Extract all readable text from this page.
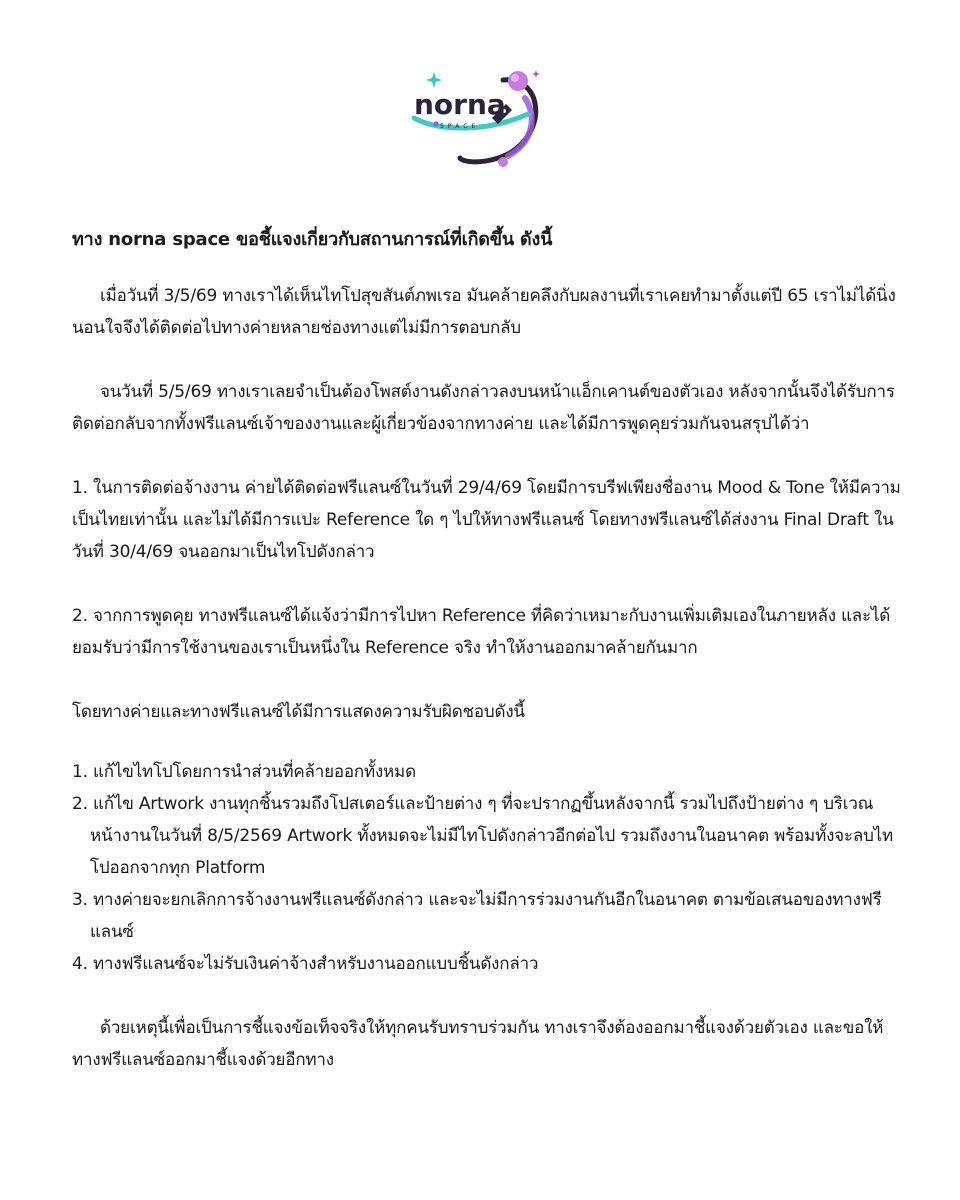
norna
S P A C E

ทาง norna space ขอชี้แจงเกี่ยวกับสถานการณ์ที่เกิดขึ้น ดังนี้

เมื่อวันที่ 3/5/69 ทางเราได้เห็นไทโปสุขสันต์ภพเรอ มันคล้ายคลึงกับผลงานที่เราเคยทำมาตั้งแต่ปี 65 เราไม่ได้นิ่งนอนใจจึงได้ติดต่อไปทางค่ายหลายช่องทางแต่ไม่มีการตอบกลับ

จนวันที่ 5/5/69 ทางเราเลยจำเป็นต้องโพสต์งานดังกล่าวลงบนหน้าแอ็กเคานต์ของตัวเอง หลังจากนั้นจึงได้รับการติดต่อกลับจากทั้งฟรีแลนซ์เจ้าของงานและผู้เกี่ยวข้องจากทางค่าย และได้มีการพูดคุยร่วมกันจนสรุปได้ว่า

1. ในการติดต่อจ้างงาน ค่ายได้ติดต่อฟรีแลนซ์ในวันที่ 29/4/69 โดยมีการบรีฟเพียงชื่องาน Mood & Tone ให้มีความเป็นไทยเท่านั้น และไม่ได้มีการแปะ Reference ใด ๆ ไปให้ทางฟรีแลนซ์ โดยทางฟรีแลนซ์ได้ส่งงาน Final Draft ในวันที่ 30/4/69 จนออกมาเป็นไทโปดังกล่าว

2. จากการพูดคุย ทางฟรีแลนซ์ได้แจ้งว่ามีการไปหา Reference ที่คิดว่าเหมาะกับงานเพิ่มเติมเองในภายหลัง และได้ยอมรับว่ามีการใช้งานของเราเป็นหนึ่งใน Reference จริง ทำให้งานออกมาคล้ายกันมาก

โดยทางค่ายและทางฟรีแลนซ์ได้มีการแสดงความรับผิดชอบดังนี้

1. แก้ไขไทโปโดยการนำส่วนที่คล้ายออกทั้งหมด
2. แก้ไข Artwork งานทุกชิ้นรวมถึงโปสเตอร์และป้ายต่าง ๆ ที่จะปรากฏขึ้นหลังจากนี้ รวมไปถึงป้ายต่าง ๆ บริเวณหน้างานในวันที่ 8/5/2569 Artwork ทั้งหมดจะไม่มีไทโปดังกล่าวอีกต่อไป รวมถึงงานในอนาคต พร้อมทั้งจะลบไทโปออกจากทุก Platform
3. ทางค่ายจะยกเลิกการจ้างงานฟรีแลนซ์ดังกล่าว และจะไม่มีการร่วมงานกันอีกในอนาคต ตามข้อเสนอของทางฟรีแลนซ์
4. ทางฟรีแลนซ์จะไม่รับเงินค่าจ้างสำหรับงานออกแบบชิ้นดังกล่าว

ด้วยเหตุนี้เพื่อเป็นการชี้แจงข้อเท็จจริงให้ทุกคนรับทราบร่วมกัน ทางเราจึงต้องออกมาชี้แจงด้วยตัวเอง และขอให้ทางฟรีแลนซ์ออกมาชี้แจงด้วยอีกทาง
